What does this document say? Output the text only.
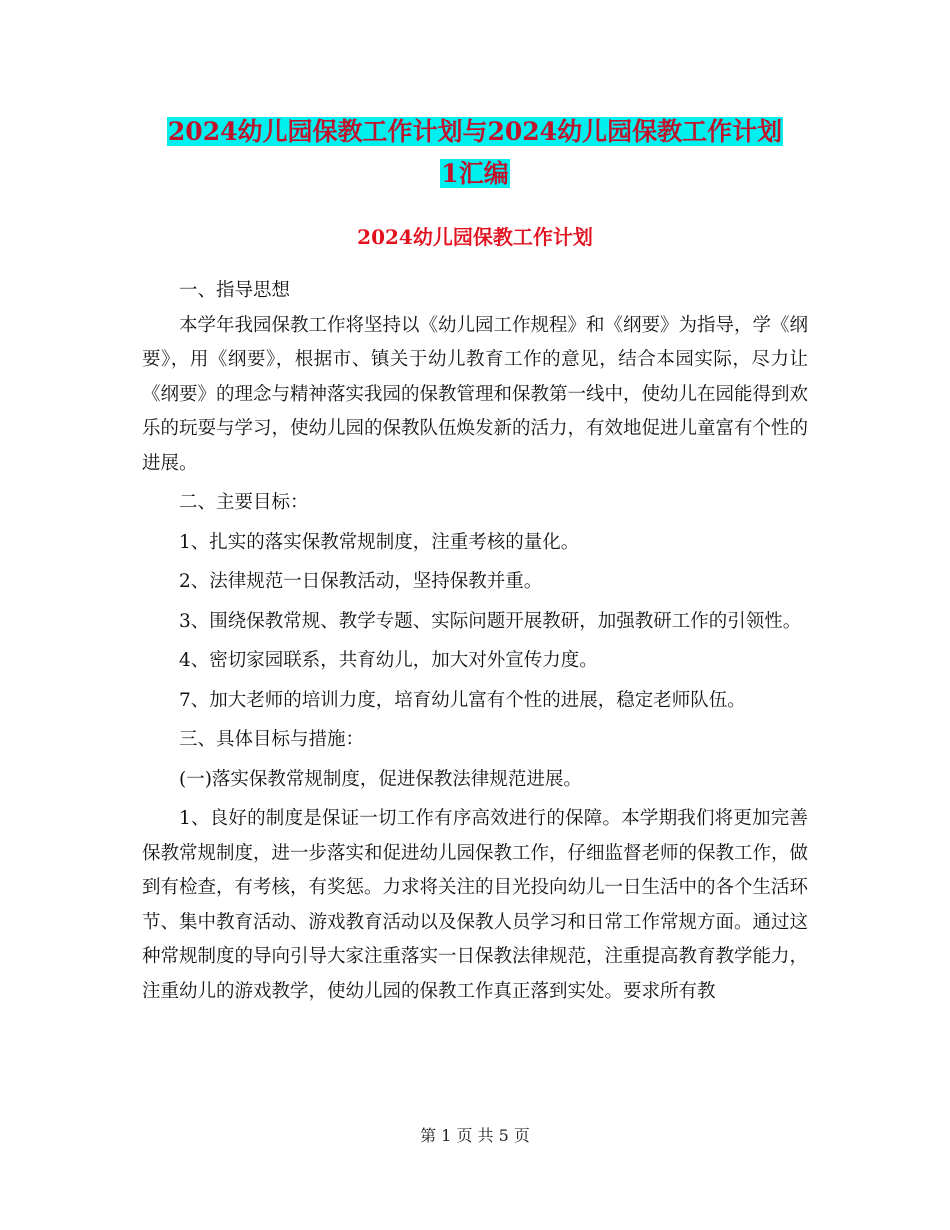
2024幼儿园保教工作计划与2024幼儿园保教工作计划
1汇编
2024幼儿园保教工作计划

一、指导思想

本学年我园保教工作将坚持以《幼儿园工作规程》和《纲要》为指导，学《纲要》，用《纲要》，根据市、镇关于幼儿教育工作的意见，结合本园实际，尽力让《纲要》的理念与精神落实我园的保教管理和保教第一线中，使幼儿在园能得到欢乐的玩耍与学习，使幼儿园的保教队伍焕发新的活力，有效地促进儿童富有个性的进展。

二、主要目标：

1、扎实的落实保教常规制度，注重考核的量化。

2、法律规范一日保教活动，坚持保教并重。

3、围绕保教常规、教学专题、实际问题开展教研，加强教研工作的引领性。

4、密切家园联系，共育幼儿，加大对外宣传力度。

7、加大老师的培训力度，培育幼儿富有个性的进展，稳定老师队伍。

三、具体目标与措施：

(一)落实保教常规制度，促进保教法律规范进展。

1、良好的制度是保证一切工作有序高效进行的保障。本学期我们将更加完善保教常规制度，进一步落实和促进幼儿园保教工作，仔细监督老师的保教工作，做到有检查，有考核，有奖惩。力求将关注的目光投向幼儿一日生活中的各个生活环节、集中教育活动、游戏教育活动以及保教人员学习和日常工作常规方面。通过这种常规制度的导向引导大家注重落实一日保教法律规范，注重提高教育教学能力，注重幼儿的游戏教学，使幼儿园的保教工作真正落到实处。要求所有教

第 1 页 共 5 页
